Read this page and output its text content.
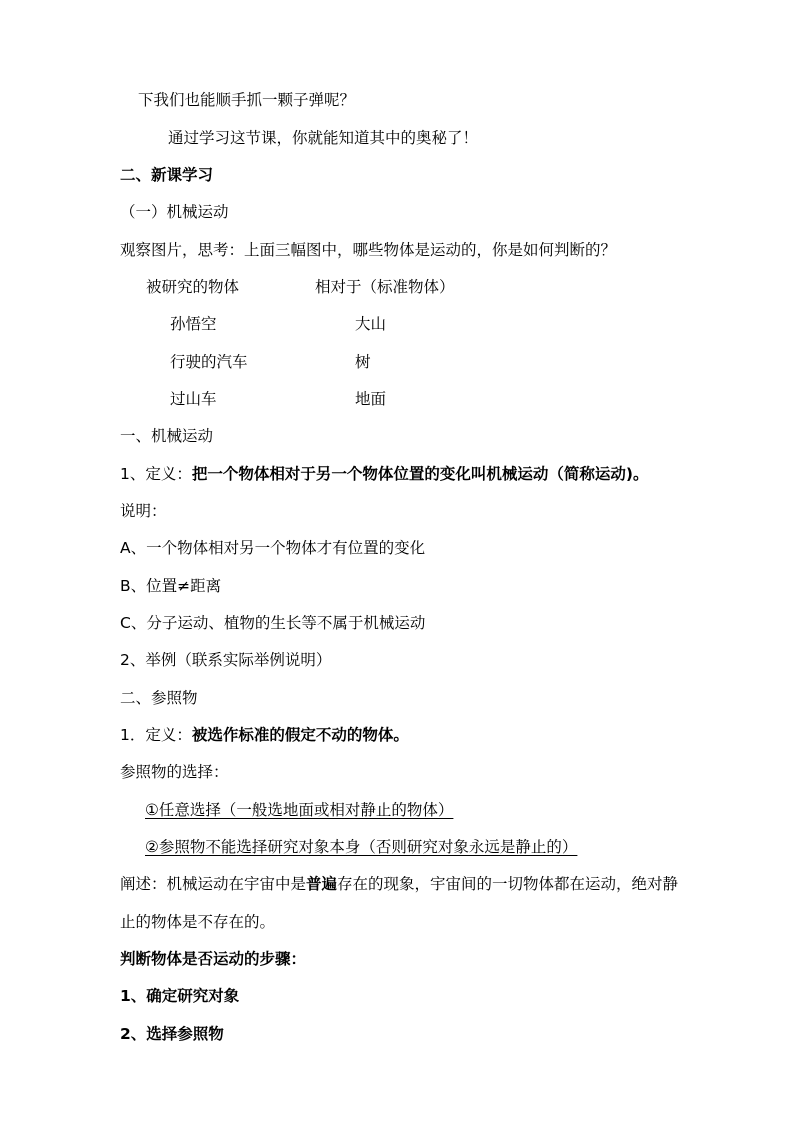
下我们也能顺手抓一颗子弹呢？
通过学习这节课，你就能知道其中的奥秘了！
二、新课学习
（一）机械运动
观察图片，思考：上面三幅图中，哪些物体是运动的，你是如何判断的？
被研究的物体	相对于（标准物体）
孙悟空	大山
行驶的汽车	树
过山车	地面
一、机械运动
1、定义：把一个物体相对于另一个物体位置的变化叫机械运动（简称运动)。
说明：
A、一个物体相对另一个物体才有位置的变化
B、位置≠距离
C、分子运动、植物的生长等不属于机械运动
2、举例（联系实际举例说明）
二、参照物
1．定义：被选作标准的假定不动的物体。
参照物的选择：
①任意选择（一般选地面或相对静止的物体）
②参照物不能选择研究对象本身（否则研究对象永远是静止的）
阐述：机械运动在宇宙中是普遍存在的现象，宇宙间的一切物体都在运动，绝对静
止的物体是不存在的。
判断物体是否运动的步骤：
1、确定研究对象
2、选择参照物
